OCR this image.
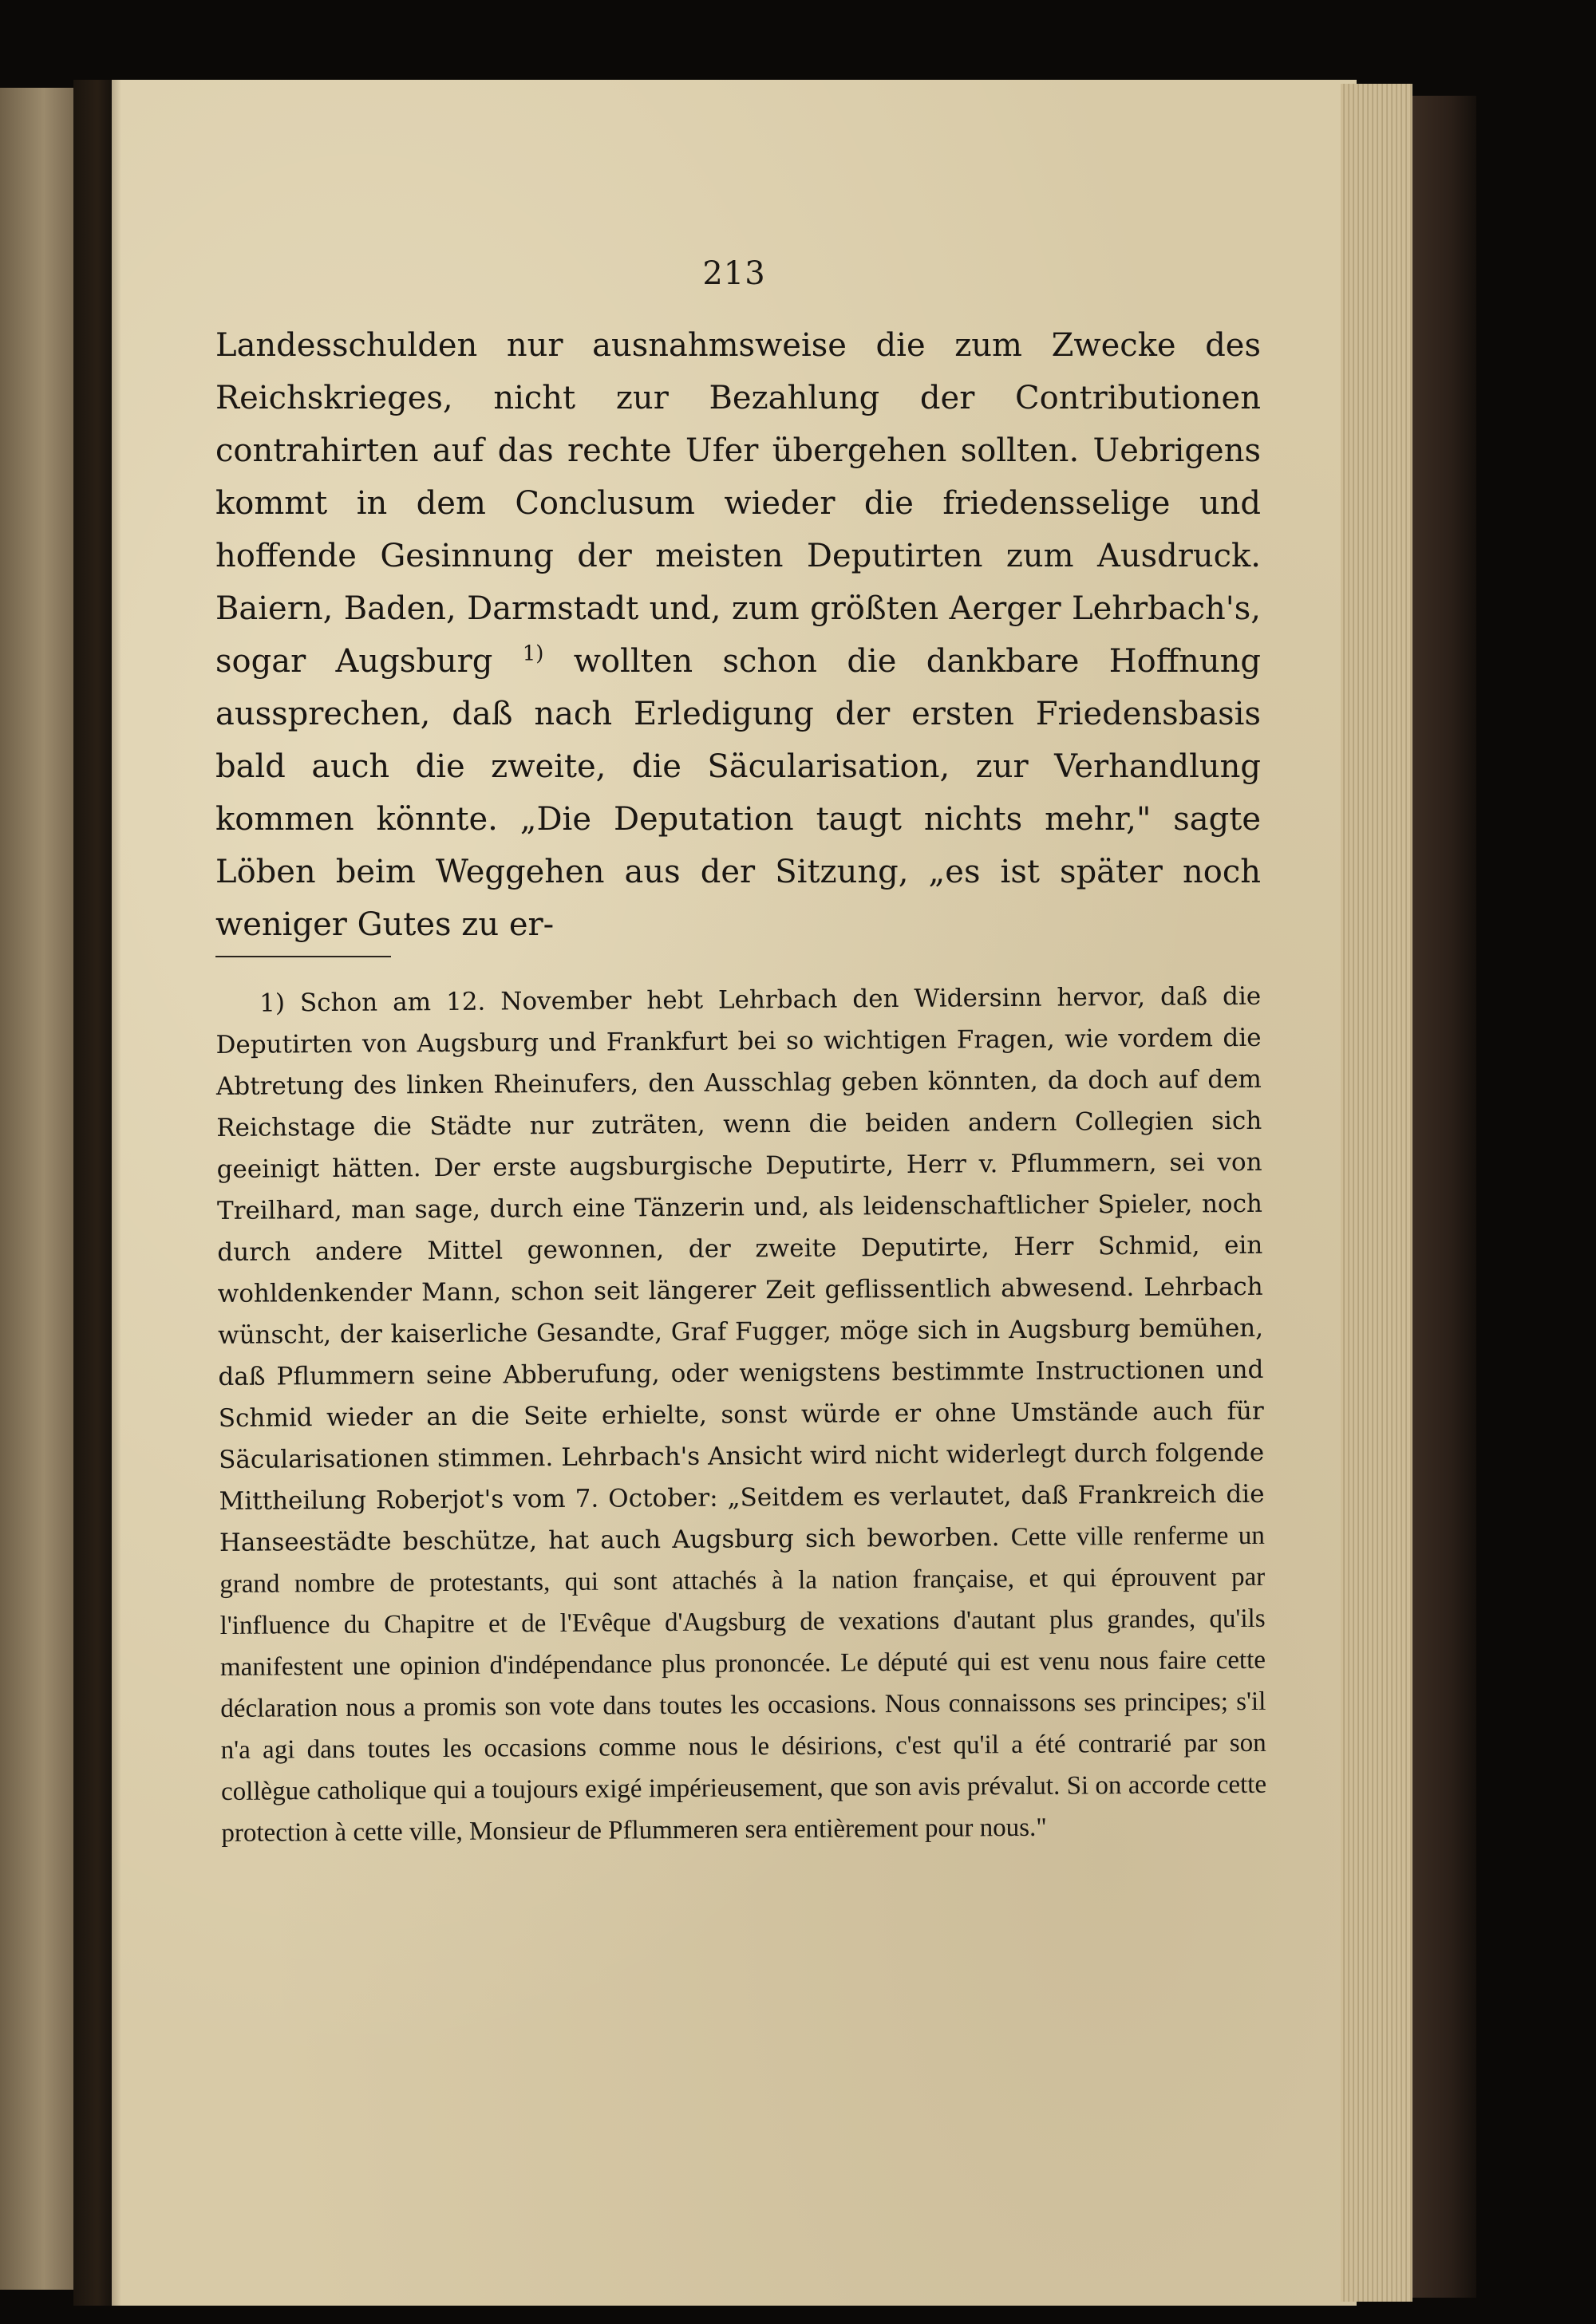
213

Landesschulden nur ausnahmsweise die zum Zwecke des Reichskrieges, nicht zur Bezahlung der Contributionen contrahirten auf das rechte Ufer übergehen sollten. Uebrigens kommt in dem Conclusum wieder die friedensselige und hoffende Gesinnung der meisten Deputirten zum Ausdruck. Baiern, Baden, Darmstadt und, zum größten Aerger Lehrbach's, sogar Augsburg $^{1)}$ wollten schon die dankbare Hoffnung aussprechen, daß nach Erledigung der ersten Friedensbasis bald auch die zweite, die Säcularisation, zur Verhandlung kommen könnte. „Die Deputation taugt nichts mehr," sagte Löben beim Weggehen aus der Sitzung, „es ist später noch weniger Gutes zu er-

1) Schon am 12. November hebt Lehrbach den Widersinn hervor, daß die Deputirten von Augsburg und Frankfurt bei so wichtigen Fragen, wie vordem die Abtretung des linken Rheinufers, den Ausschlag geben könnten, da doch auf dem Reichstage die Städte nur zuträten, wenn die beiden andern Collegien sich geeinigt hätten. Der erste augsburgische Deputirte, Herr v. Pflummern, sei von Treilhard, man sage, durch eine Tänzerin und, als leidenschaftlicher Spieler, noch durch andere Mittel gewonnen, der zweite Deputirte, Herr Schmid, ein wohldenkender Mann, schon seit längerer Zeit geflissentlich abwesend. Lehrbach wünscht, der kaiserliche Gesandte, Graf Fugger, möge sich in Augsburg bemühen, daß Pflummern seine Abberufung, oder wenigstens bestimmte Instructionen und Schmid wieder an die Seite erhielte, sonst würde er ohne Umstände auch für Säcularisationen stimmen. Lehrbach's Ansicht wird nicht widerlegt durch folgende Mittheilung Roberjot's vom 7. October: „Seitdem es verlautet, daß Frankreich die Hanseestädte beschütze, hat auch Augsburg sich beworben. Cette ville renferme un grand nombre de protestants, qui sont attachés à la nation française, et qui éprouvent par l'influence du Chapitre et de l'Evêque d'Augsburg de vexations d'autant plus grandes, qu'ils manifestent une opinion d'indépendance plus prononcée. Le député qui est venu nous faire cette déclaration nous a promis son vote dans toutes les occasions. Nous connaissons ses principes; s'il n'a agi dans toutes les occasions comme nous le désirions, c'est qu'il a été contrarié par son collègue catholique qui a toujours exigé impérieusement, que son avis prévalut. Si on accorde cette protection à cette ville, Monsieur de Pflummeren sera entièrement pour nous."
